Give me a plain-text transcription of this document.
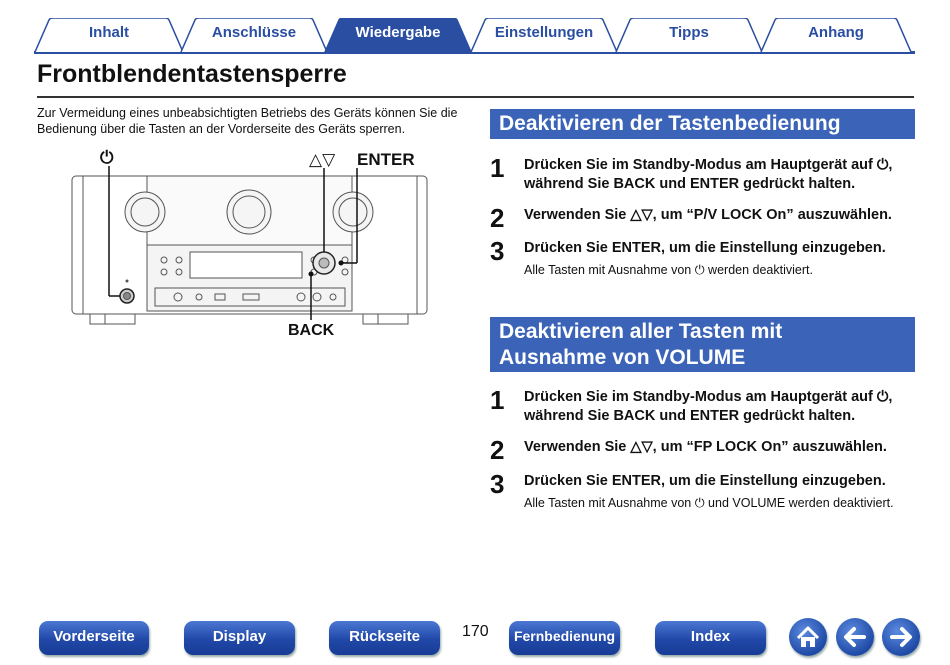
Inhalt	Anschlüsse	Wiedergabe	Einstellungen	Tipps	Anhang
Frontblendentastensperre
Zur Vermeidung eines unbeabsichtigten Betriebs des Geräts können Sie die Bedienung über die Tasten an der Vorderseite des Geräts sperren.
⏻	△▽ ENTER
BACK
Deaktivieren der Tastenbedienung
1 Drücken Sie im Standby-Modus am Hauptgerät auf ⏻, während Sie BACK und ENTER gedrückt halten.
2 Verwenden Sie △▽, um “P/V LOCK On” auszuwählen.
3 Drücken Sie ENTER, um die Einstellung einzugeben.
Alle Tasten mit Ausnahme von ⏻ werden deaktiviert.
Deaktivieren aller Tasten mit
Ausnahme von VOLUME
1 Drücken Sie im Standby-Modus am Hauptgerät auf ⏻, während Sie BACK und ENTER gedrückt halten.
2 Verwenden Sie △▽, um “FP LOCK On” auszuwählen.
3 Drücken Sie ENTER, um die Einstellung einzugeben.
Alle Tasten mit Ausnahme von ⏻ und VOLUME werden deaktiviert.
Vorderseite	Display	Rückseite	170	Fernbedienung	Index
